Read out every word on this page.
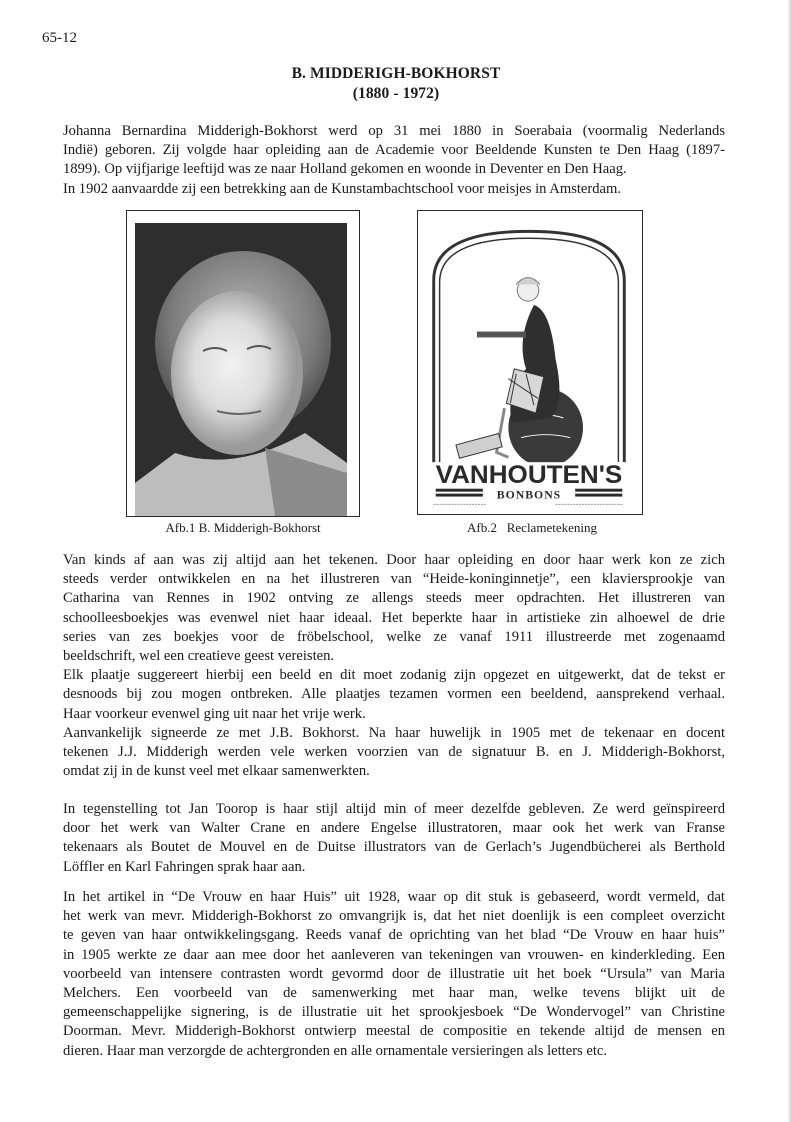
65-12
B. MIDDERIGH-BOKHORST
(1880 - 1972)
Johanna Bernardina Midderigh-Bokhorst werd op 31 mei 1880 in Soerabaia (voormalig Nederlands
Indië) geboren. Zij volgde haar opleiding aan de Academie voor Beeldende Kunsten te Den Haag (1897-
1899). Op vijfjarige leeftijd was ze naar Holland gekomen en woonde in Deventer en Den Haag.
In 1902 aanvaardde zij een betrekking aan de Kunstambachtschool voor meisjes in Amsterdam.
Afb.1 B. Midderigh-Bokhorst
VANHOUTEN'S
BONBONS
Afb.2   Reclametekening
Van kinds af aan was zij altijd aan het tekenen. Door haar opleiding en door haar werk kon ze zich
steeds verder ontwikkelen en na het illustreren van “Heide-koninginnetje”, een klaviersprookje van
Catharina van Rennes in 1902 ontving ze allengs steeds meer opdrachten. Het illustreren van
schoolleesboekjes was evenwel niet haar ideaal. Het beperkte haar in artistieke zin alhoewel de drie
series van zes boekjes voor de fröbelschool, welke ze vanaf 1911 illustreerde met zogenaamd
beeldschrift, wel een creatieve geest vereisten.
Elk plaatje suggereert hierbij een beeld en dit moet zodanig zijn opgezet en uitgewerkt, dat de tekst er
desnoods bij zou mogen ontbreken. Alle plaatjes tezamen vormen een beeldend, aansprekend verhaal.
Haar voorkeur evenwel ging uit naar het vrije werk.
Aanvankelijk signeerde ze met J.B. Bokhorst. Na haar huwelijk in 1905 met de tekenaar en docent
tekenen J.J. Midderigh werden vele werken voorzien van de signatuur B. en J. Midderigh-Bokhorst,
omdat zij in de kunst veel met elkaar samenwerkten.
In tegenstelling tot Jan Toorop is haar stijl altijd min of meer dezelfde gebleven. Ze werd geïnspireerd
door het werk van Walter Crane en andere Engelse illustratoren, maar ook het werk van Franse
tekenaars als Boutet de Mouvel en de Duitse illustrators van de Gerlach’s Jugendbücherei als Berthold
Löffler en Karl Fahringen sprak haar aan.
In het artikel in “De Vrouw en haar Huis” uit 1928, waar op dit stuk is gebaseerd, wordt vermeld, dat
het werk van mevr. Midderigh-Bokhorst zo omvangrijk is, dat het niet doenlijk is een compleet overzicht
te geven van haar ontwikkelingsgang. Reeds vanaf de oprichting van het blad “De Vrouw en haar huis”
in 1905 werkte ze daar aan mee door het aanleveren van tekeningen van vrouwen- en kinderkleding. Een
voorbeeld van intensere contrasten wordt gevormd door de illustratie uit het boek “Ursula” van Maria
Melchers. Een voorbeeld van de samenwerking met haar man, welke tevens blijkt uit de
gemeenschappelijke signering, is de illustratie uit het sprookjesboek “De Wondervogel” van Christine
Doorman. Mevr. Midderigh-Bokhorst ontwierp meestal de compositie en tekende altijd de mensen en
dieren. Haar man verzorgde de achtergronden en alle ornamentale versieringen als letters etc.
